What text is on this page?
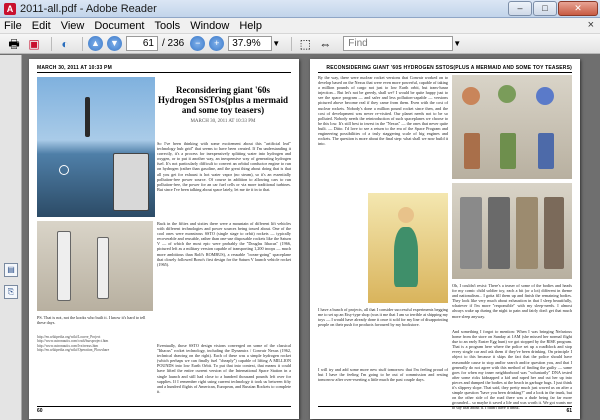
A 2011-all.pdf - Adobe Reader	–	□	✕
File Edit View Document Tools Window Help	×
🖶 ▣	◐	▲	▼	61 / 236	−	+	37.9%	▼ ⬚ ⇔	Find	▼
▤
⎘
MARCH 30, 2011 AT 10:33 PM
Reconsidering giant '60s Hydrogen SSTOs(plus a mermaid and some toy teasers)
MARCH 30, 2011 AT 10:33 PM
So I've been thinking with some excitement about this "artificial leaf" technology hub grid" that seems to have been created. If I'm understanding it correctly, it's a process for inexpensively splitting water into hydrogen and oxygen, or to put it another way, an inexpensive way of generating hydrogen fuel. It's not particularly difficult to convert an orbital conductor engine to run on hydrogen (rather than gasoline, and the great thing about doing that is that all you get for exhaust is hot water vapor (no steam), so it's an essentially pollution-free power source. Of course in addition to allowing cars to run pollution-free, the power for an car fuel cells or via more traditional turbines. But since I've been talking about space lately, let me tie it in to that.
Back in the fifties and sixties there were a mountain of different lift vehicles with different technologies and power sources being tossed about. One of the cool ones were monstrous SSTO (single stage to orbit) rockets — typically recoverable and reusable, rather than one-use disposable rockets like the Saturn V — of which the most epic were probably the "Douglas Ithacus" (1966, pictured left as a military version capable of transporting 1,200 troops — much more ambitious than Rolf's ROMBUS), a reusable "ocean-going" spaceplane that closely followed Bono's first design for the Saturn V launch vehicle rocket (1965).
Eventually, those SSTO design visions converged on some of the classical "Ithacus" rocket technology, including the Dynamics / Convair Nexus (1962, technical drawing on the right). Each of these was a simple hydrogen rocket (which perhaps we can finally fuel "cheaply") capable of lifting A MILLION POUNDS into low Earth Orbit. To put that into context, that means it could have lifted the entire current version of the International Space Station in a single launch and still had close to a hundred thousand pounds left over for supplies. If I remember right using current technology it took us between fifty and a hundred flights of American, European, and Russian Rockets to complete it.
PS. That is not, not the kooks who built it. I know it's hard to tell these days.
http://en.wikipedia.org/wiki/Louvre_Project
http://www.astronautix.com/craft/hursproject.htm
http://www.astronautix.com/lvs/nexus.htm
http://en.wikipedia.org/wiki/Operation_Plowshare
60
RECONSIDERING GIANT '60S HYDROGEN SSTOS(PLUS A MERMAID AND SOME TOY TEASERS)
By the way, there were nuclear rocket versions that Convair worked on to develop based on the Nexus that were even more powerful, capable of taking a million pounds of cargo not just to low Earth orbit, but trans-lunar injection... But let's not be greedy, shall we? I would be quite happy just to see the space program — and safer and less pollution-capable — versions pictured above become real if they came from them. Even with the cost of nuclear rockets. Nobody's done a million pound rocket since then, and the cost of development was never re-visited. Our planet needs not to be so polluted. Nobody needs the reintroduction of such spaceplanes we choose to be this low. It's still best to invest in the "Nexus" — the ones that never quite built. — Ditto. I'd love to see a return to the era of the Space Program and engineering possibilities of a truly staggering scale of big engines and rockets. The question is more about the final step: what shall we now build it into.
I have a bunch of projects, all that I consider successful experiments begging me to set up an Etsy-type shop (was it me that I am so terrible at shipping my toys — I would have already done it once it sold for my line of disappointing people on their push for products favoured by my bookstore.
I will try and add some more new stuff tomorrow that I'm feeling proud of but I have the feeling I'm going to be out of commission and resting tomorrow after over-exerting a little much the past couple days.
Oh, I couldn't resist: There's a teaser of some of the bodies and heads for my comic child soldier toy, each a bit (or a lot) different in theme and nationalism... I gotta fill them up and finish the remaining bodies. They look like very much about exhaustion in that I sleep beautifully, whatever if I'm more "responsible" with my sleep-needs. I almost always wake up during the night to pain and fairly don't get that much more sleep anyway.
And something I forgot to mention: When I was bringing Nefarious home from the store on Sunday at 1AM (she missed her normal flight due to an early Easter Egg hunt) we got stopped by the RISE program. That is a program here where the police set up a roadblock and stop every single car and ask them if they've been drinking. On principle I object to this because it skips the fact that the police should have reasonable cause to stop and/or search and/or question you, and that I generally do not agree with this method of finding the guilty — same goes for when my inner neighborhood was "voluntarily" DNA tested after some ricks kidnapped a kid and raped her and cut her up into pieces and dumped the bodies at the beach in garbage bags. I just think it's slippery slope. That said, they pretty much just waved us on after a simple question "have you been drinking?" and a look in the trunk, but on the other side of the road there was a dude being far far more grounded... so maybe it saved a life and was worth it. We got wants me to say that about it. I didn't have a drink.
61
